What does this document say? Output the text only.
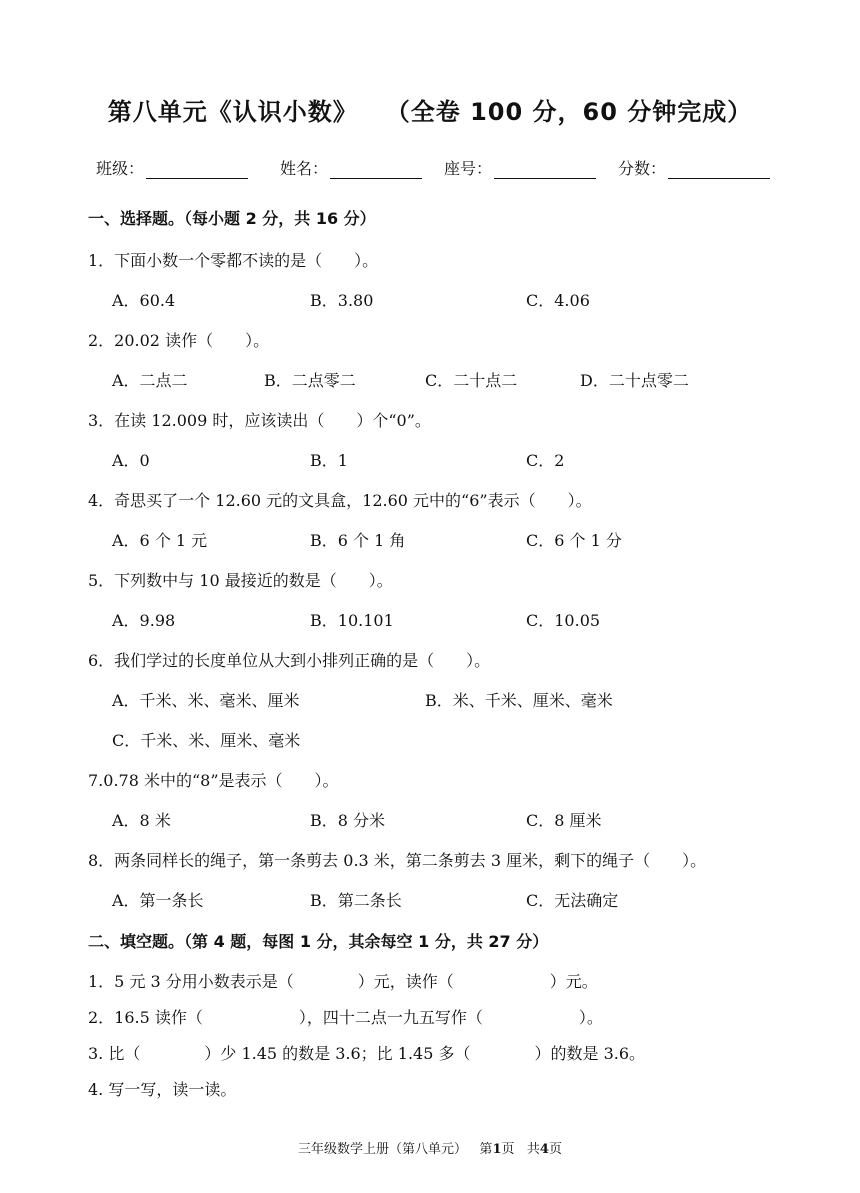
第八单元《认识小数》 （全卷 100 分，60 分钟完成）
班级：	姓名：	座号：	分数：
一、选择题。（每小题 2 分，共 16 分）
1．下面小数一个零都不读的是（　　）。
A．60.4	B．3.80	C．4.06
2．20.02 读作（　　）。
A．二点二	B．二点零二	C．二十点二	D．二十点零二
3．在读 12.009 时，应该读出（　　）个“0”。
A．0	B．1	C．2
4．奇思买了一个 12.60 元的文具盒，12.60 元中的“6”表示（　　）。
A．6 个 1 元	B．6 个 1 角	C．6 个 1 分
5．下列数中与 10 最接近的数是（　　）。
A．9.98	B．10.101	C．10.05
6．我们学过的长度单位从大到小排列正确的是（　　）。
A．千米、米、毫米、厘米	B．米、千米、厘米、毫米
C．千米、米、厘米、毫米
7.0.78 米中的“8”是表示（　　）。
A．8 米	B．8 分米	C．8 厘米
8．两条同样长的绳子，第一条剪去 0.3 米，第二条剪去 3 厘米，剩下的绳子（　　）。
A．第一条长	B．第二条长	C．无法确定
二、填空题。（第 4 题，每图 1 分，其余每空 1 分，共 27 分）
1．5 元 3 分用小数表示是（　　　　）元，读作（　　　　　　）元。
2．16.5 读作（　　　　　　），四十二点一九五写作（　　　　　　）。
3. 比（　　　　）少 1.45 的数是 3.6；比 1.45 多（　　　　）的数是 3.6。
4. 写一写，读一读。
三年级数学上册（第八单元） 第1页 共4页
